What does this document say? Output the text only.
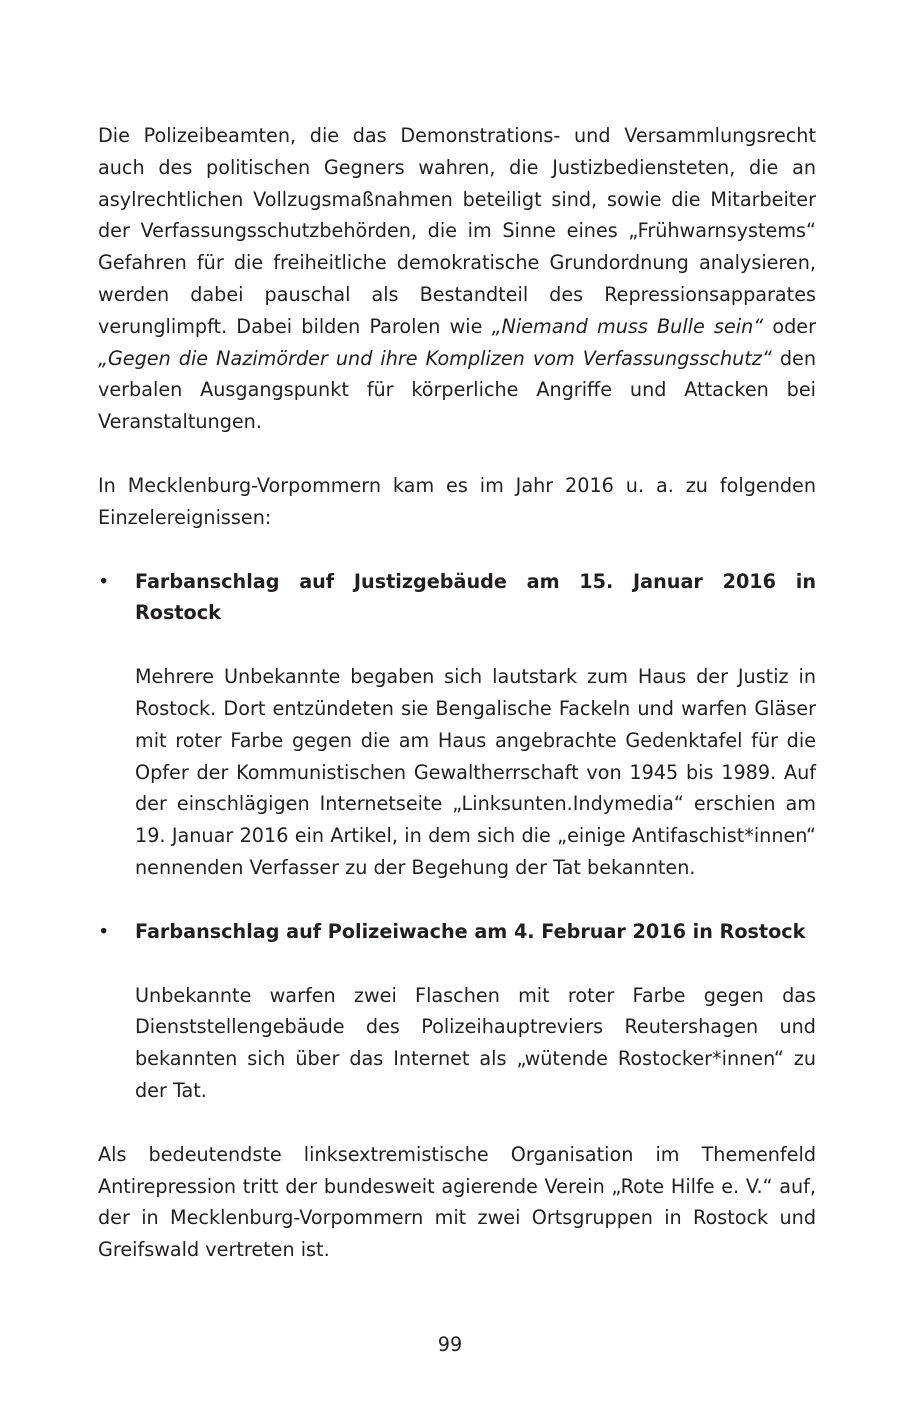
Die Polizeibeamten, die das Demonstrations- und Versammlungsrecht auch des politischen Gegners wahren, die Justizbediensteten, die an asylrechtlichen Vollzugsmaßnahmen beteiligt sind, sowie die Mitarbeiter der Verfassungsschutzbehörden, die im Sinne eines „Frühwarnsystems“ Gefahren für die freiheitliche demokratische Grundordnung analysieren, werden dabei pauschal als Bestandteil des Repressionsapparates verunglimpft. Dabei bilden Parolen wie „Niemand muss Bulle sein“ oder „Gegen die Nazimörder und ihre Komplizen vom Verfassungsschutz“ den verbalen Ausgangspunkt für körperliche Angriffe und Attacken bei Veranstaltungen.

In Mecklenburg-Vorpommern kam es im Jahr 2016 u. a. zu folgenden Einzelereignissen:

•	Farbanschlag auf Justizgebäude am 15. Januar 2016 in Rostock
Mehrere Unbekannte begaben sich lautstark zum Haus der Justiz in Rostock. Dort entzündeten sie Bengalische Fackeln und warfen Gläser mit roter Farbe gegen die am Haus angebrachte Gedenktafel für die Opfer der Kommunistischen Gewaltherrschaft von 1945 bis 1989. Auf der einschlägigen Internetseite „Linksunten.Indymedia“ erschien am 19. Januar 2016 ein Artikel, in dem sich die „einige Antifaschist*innen“ nennenden Verfasser zu der Begehung der Tat bekannten.
•	Farbanschlag auf Polizeiwache am 4. Februar 2016 in Rostock
Unbekannte warfen zwei Flaschen mit roter Farbe gegen das Dienststellengebäude des Polizeihauptreviers Reutershagen und bekannten sich über das Internet als „wütende Rostocker*innen“ zu der Tat.

Als bedeutendste linksextremistische Organisation im Themenfeld Antirepression tritt der bundesweit agierende Verein „Rote Hilfe e. V.“ auf, der in Mecklenburg-Vorpommern mit zwei Ortsgruppen in Rostock und Greifswald vertreten ist.

99
